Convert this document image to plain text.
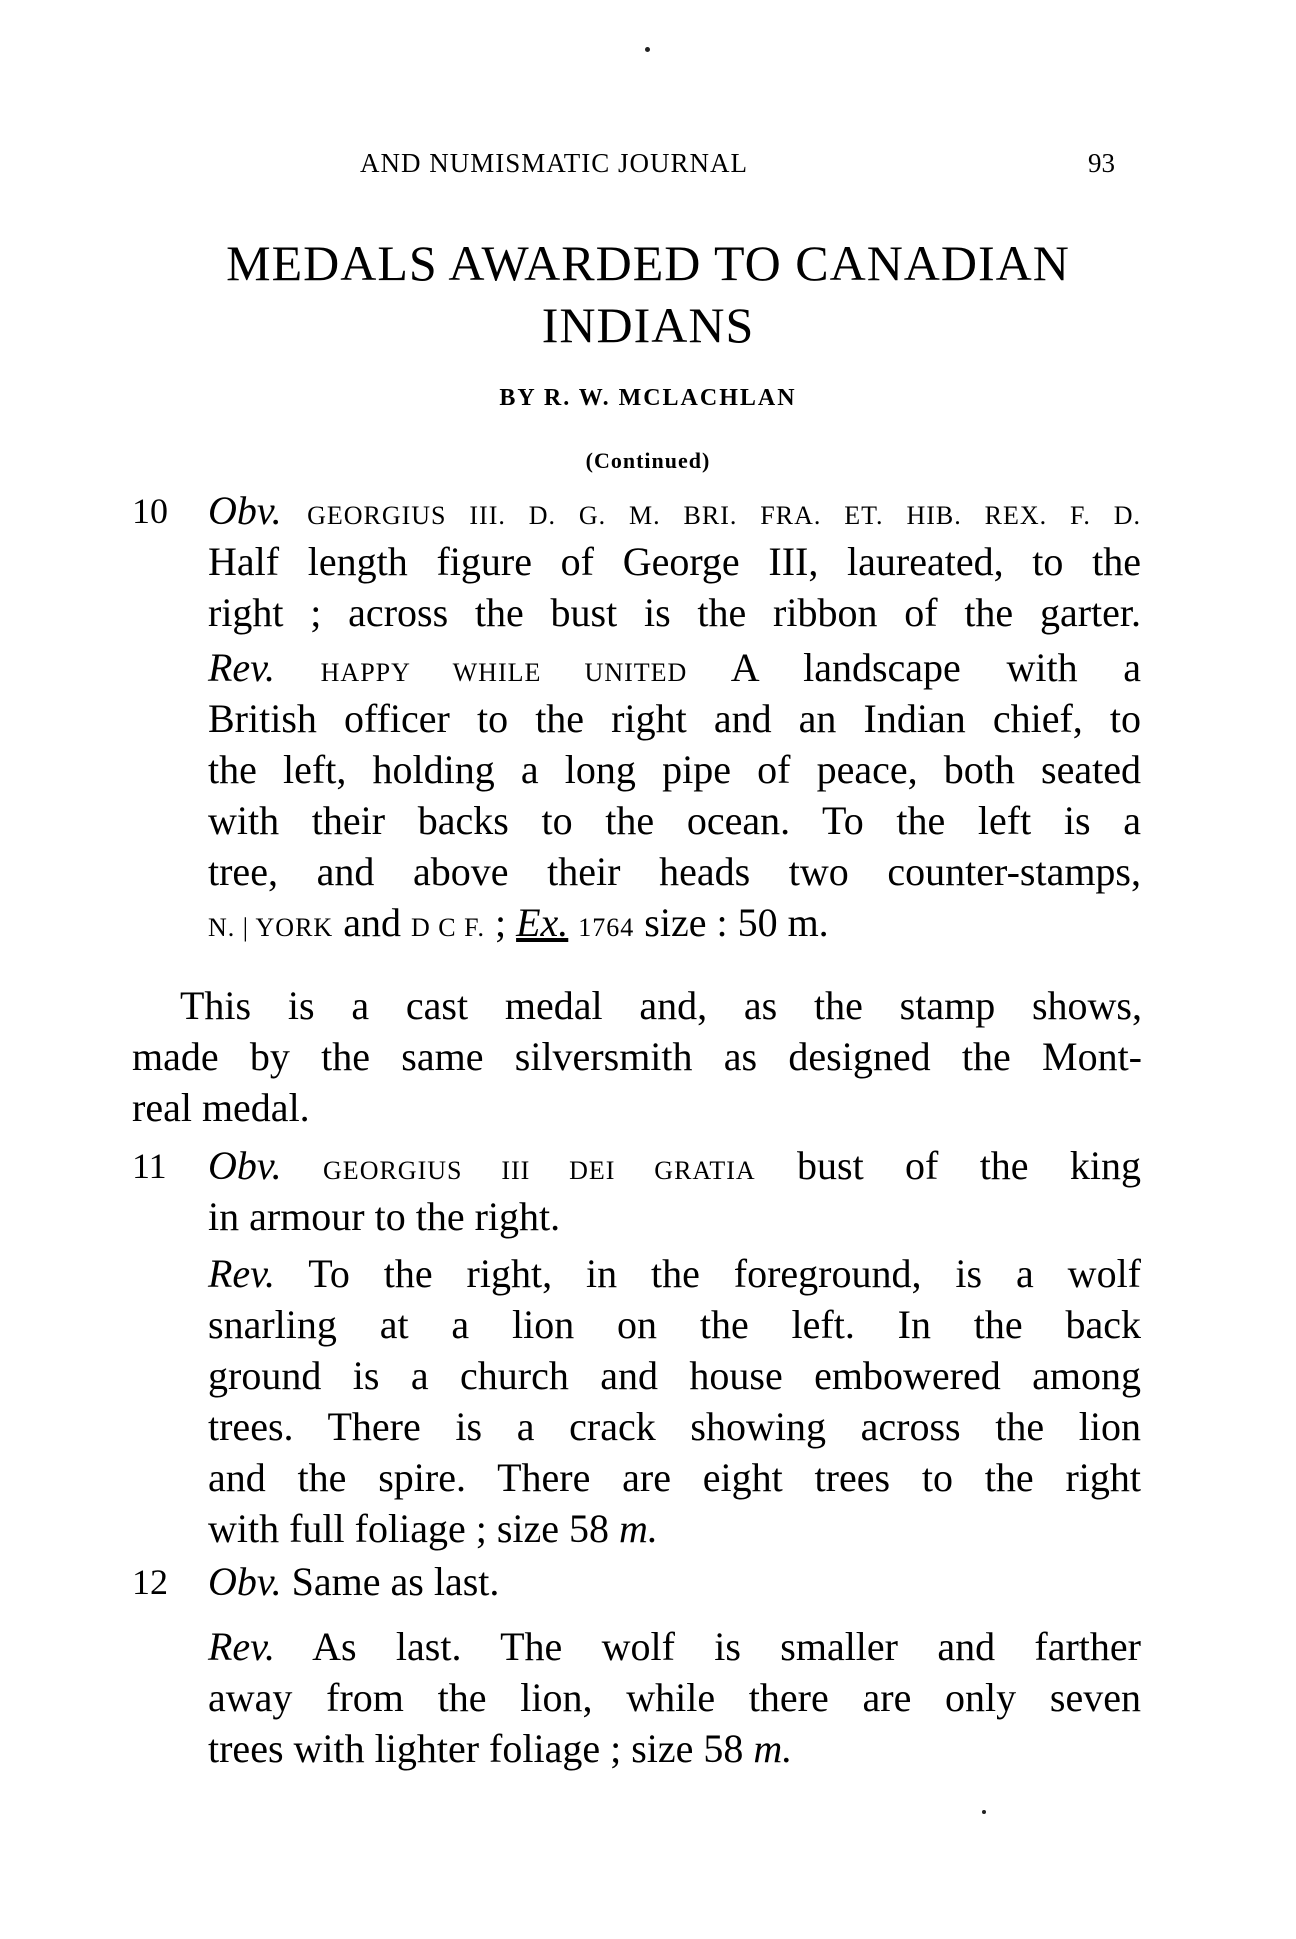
AND NUMISMATIC JOURNAL	93
MEDALS AWARDED TO CANADIAN
INDIANS
BY R. W. MCLACHLAN
(Continued)
10 Obv. GEORGIUS III. D. G. M. BRI. FRA. ET. HIB. REX. F. D.
Half length figure of George III, laureated, to the
right ; across the bust is the ribbon of the garter.
Rev. HAPPY WHILE UNITED A landscape with a
British officer to the right and an Indian chief, to
the left, holding a long pipe of peace, both seated
with their backs to the ocean. To the left is a
tree, and above their heads two counter-stamps,
N. | YORK and D C F. ; Ex. 1764 size : 50 m.
This is a cast medal and, as the stamp shows,
made by the same silversmith as designed the Mont-
real medal.
11 Obv. GEORGIUS III DEI GRATIA bust of the king
in armour to the right.
Rev. To the right, in the foreground, is a wolf
snarling at a lion on the left. In the back
ground is a church and house embowered among
trees. There is a crack showing across the lion
and the spire. There are eight trees to the right
with full foliage ; size 58 m.
12 Obv. Same as last.
Rev. As last. The wolf is smaller and farther
away from the lion, while there are only seven
trees with lighter foliage ; size 58 m.
